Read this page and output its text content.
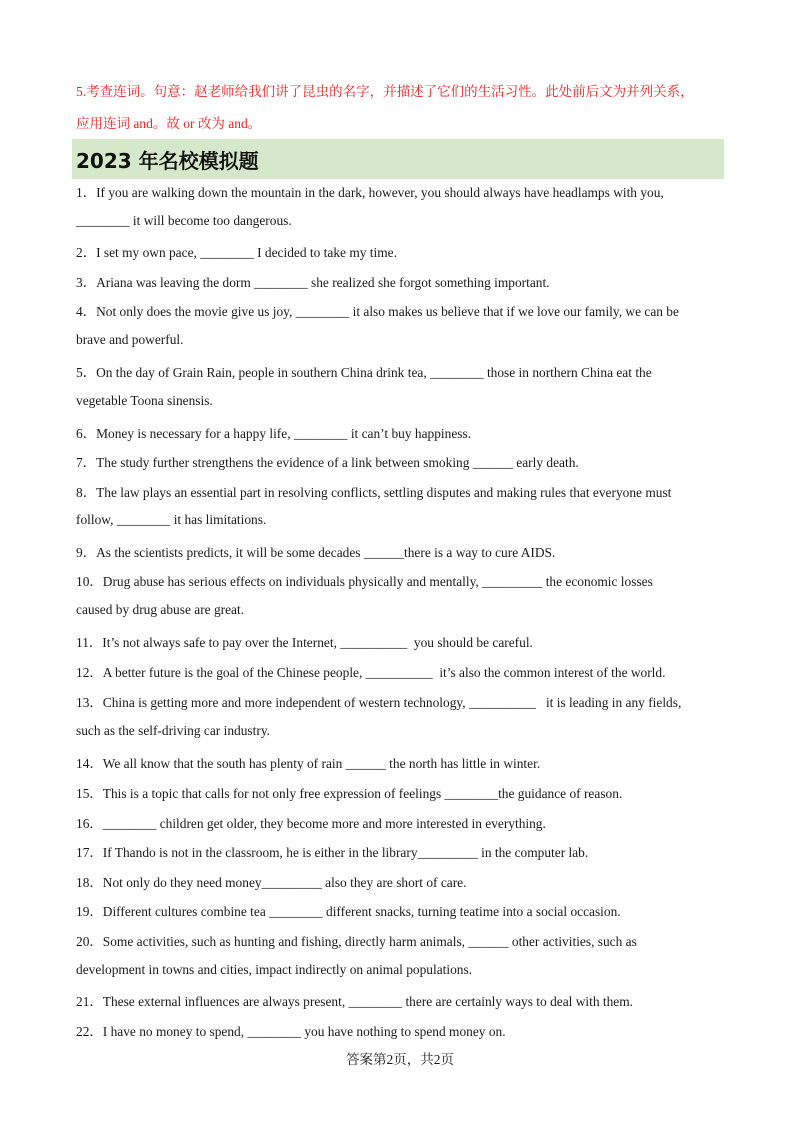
5.考查连词。句意：赵老师给我们讲了昆虫的名字，并描述了它们的生活习性。此处前后文为并列关系，
应用连词 and。故 or 改为 and。
2023 年名校模拟题
1．If you are walking down the mountain in the dark, however, you should always have headlamps with you,
________ it will become too dangerous.
2．I set my own pace, ________ I decided to take my time.
3．Ariana was leaving the dorm ________ she realized she forgot something important.
4．Not only does the movie give us joy, ________ it also makes us believe that if we love our family, we can be
brave and powerful.
5．On the day of Grain Rain, people in southern China drink tea, ________ those in northern China eat the
vegetable Toona sinensis.
6．Money is necessary for a happy life, ________ it can’t buy happiness.
7．The study further strengthens the evidence of a link between smoking ______ early death.
8．The law plays an essential part in resolving conflicts, settling disputes and making rules that everyone must
follow, ________ it has limitations.
9．As the scientists predicts, it will be some decades ______there is a way to cure AIDS.
10．Drug abuse has serious effects on individuals physically and mentally, _________ the economic losses
caused by drug abuse are great.
11．It’s not always safe to pay over the Internet, __________  you should be careful.
12．A better future is the goal of the Chinese people, __________  it’s also the common interest of the world.
13．China is getting more and more independent of western technology, __________   it is leading in any fields,
such as the self-driving car industry.
14．We all know that the south has plenty of rain ______ the north has little in winter.
15．This is a topic that calls for not only free expression of feelings ________the guidance of reason.
16．________ children get older, they become more and more interested in everything.
17．If Thando is not in the classroom, he is either in the library_________ in the computer lab.
18．Not only do they need money_________ also they are short of care.
19．Different cultures combine tea ________ different snacks, turning teatime into a social occasion.
20．Some activities, such as hunting and fishing, directly harm animals, ______ other activities, such as
development in towns and cities, impact indirectly on animal populations.
21．These external influences are always present, ________ there are certainly ways to deal with them.
22．I have no money to spend, ________ you have nothing to spend money on.
答案第2页，共2页
